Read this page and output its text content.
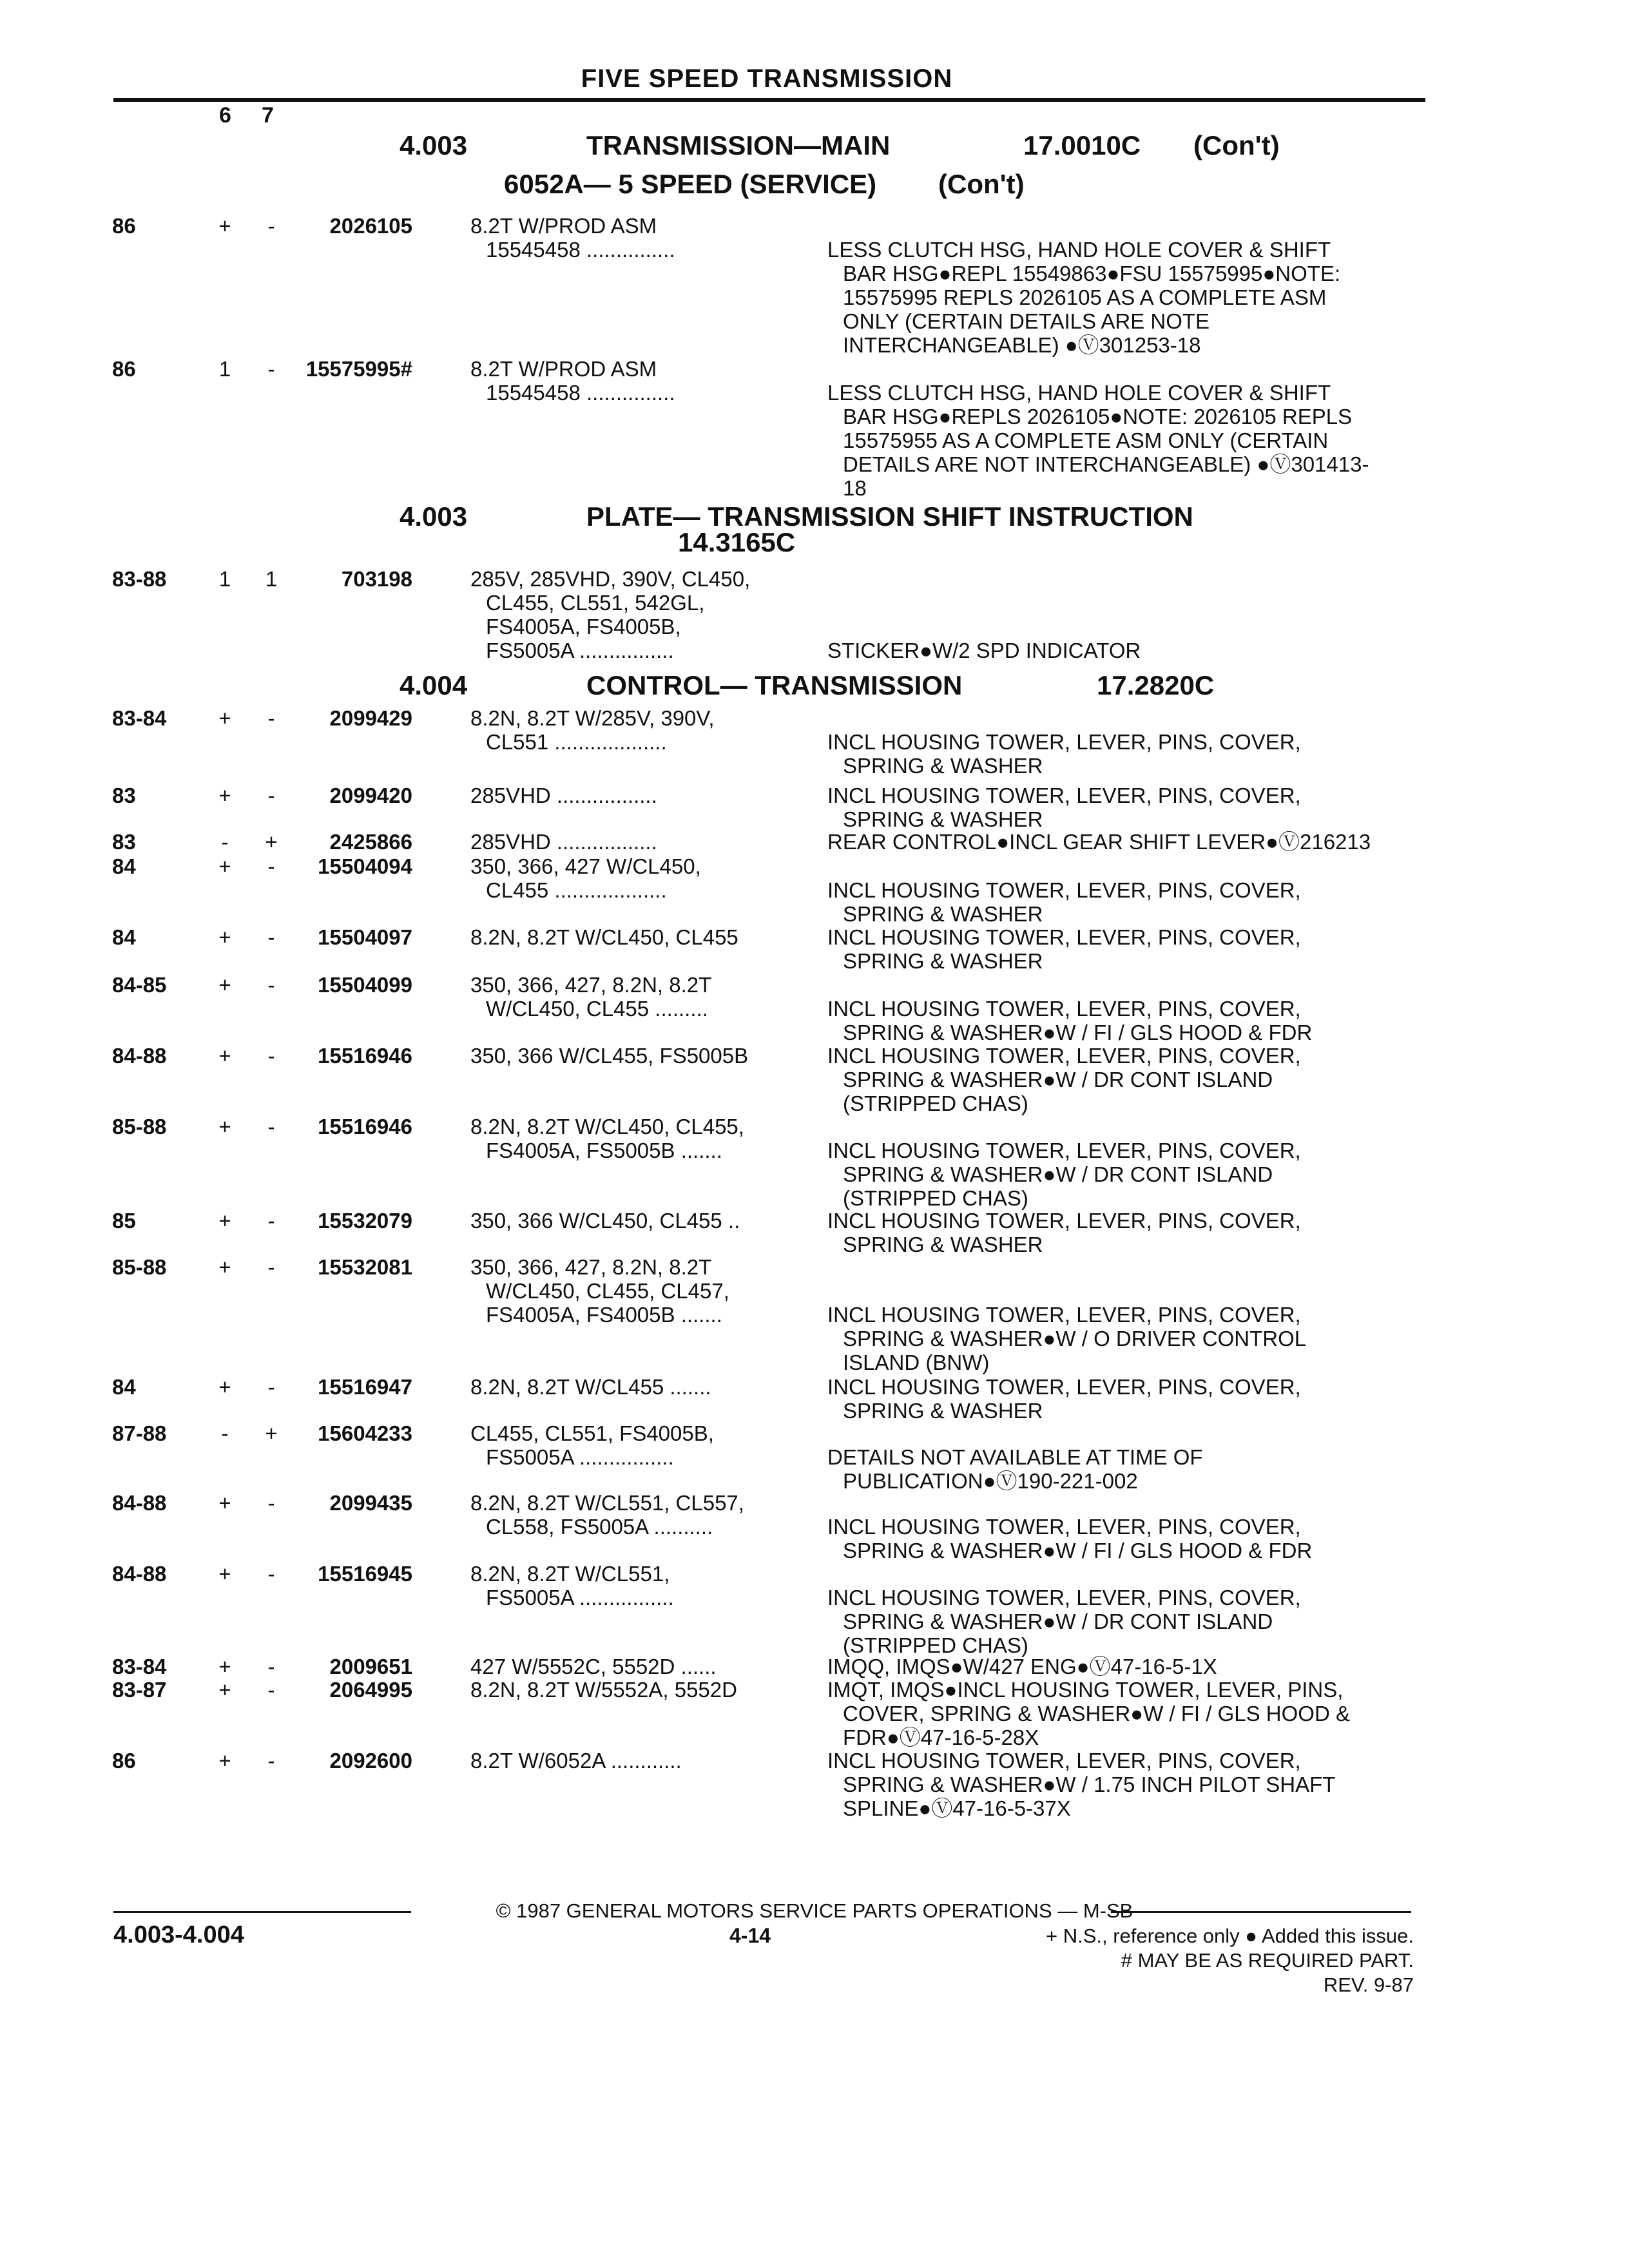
FIVE SPEED TRANSMISSION
6 7
4.003	TRANSMISSION—MAIN	17.0010C (Con't)
6052A— 5 SPEED (SERVICE) (Con't)
4.003	PLATE— TRANSMISSION SHIFT INSTRUCTION
14.3165C
4.004	CONTROL— TRANSMISSION	17.2820C
86	+ -	2026105	8.2T W/PROD ASM
15545458 ...............	LESS CLUTCH HSG, HAND HOLE COVER & SHIFT
BAR HSG●REPL 15549863●FSU 15575995●NOTE:
15575995 REPLS 2026105 AS A COMPLETE ASM
ONLY (CERTAIN DETAILS ARE NOTE
INTERCHANGEABLE) ●Ⓥ301253-18
86	1 -	15575995#	8.2T W/PROD ASM
15545458 ...............	LESS CLUTCH HSG, HAND HOLE COVER & SHIFT
BAR HSG●REPLS 2026105●NOTE: 2026105 REPLS
15575955 AS A COMPLETE ASM ONLY (CERTAIN
DETAILS ARE NOT INTERCHANGEABLE) ●Ⓥ301413-
18
83-88 1 1	703198	285V, 285VHD, 390V, CL450,
CL455, CL551, 542GL,
FS4005A, FS4005B,
FS5005A ................	STICKER●W/2 SPD INDICATOR
83-84 + -	2099429	8.2N, 8.2T W/285V, 390V,
CL551 ...................	INCL HOUSING TOWER, LEVER, PINS, COVER,
SPRING & WASHER
83	+ -	2099420	285VHD .................	INCL HOUSING TOWER, LEVER, PINS, COVER,
SPRING & WASHER
83	- +	2425866	285VHD .................	REAR CONTROL●INCL GEAR SHIFT LEVER●Ⓥ216213
84	+ -	15504094	350, 366, 427 W/CL450,
CL455 ...................	INCL HOUSING TOWER, LEVER, PINS, COVER,
SPRING & WASHER
84	+ -	15504097	8.2N, 8.2T W/CL450, CL455	INCL HOUSING TOWER, LEVER, PINS, COVER,
SPRING & WASHER
84-85 + -	15504099	350, 366, 427, 8.2N, 8.2T
W/CL450, CL455 .........	INCL HOUSING TOWER, LEVER, PINS, COVER,
SPRING & WASHER●W / FI / GLS HOOD & FDR
84-88 + -	15516946	350, 366 W/CL455, FS5005B	INCL HOUSING TOWER, LEVER, PINS, COVER,
SPRING & WASHER●W / DR CONT ISLAND
(STRIPPED CHAS)
85-88 + -	15516946	8.2N, 8.2T W/CL450, CL455,
FS4005A, FS5005B .......	INCL HOUSING TOWER, LEVER, PINS, COVER,
SPRING & WASHER●W / DR CONT ISLAND
(STRIPPED CHAS)
85	+ -	15532079	350, 366 W/CL450, CL455 ..	INCL HOUSING TOWER, LEVER, PINS, COVER,
SPRING & WASHER
85-88 + -	15532081	350, 366, 427, 8.2N, 8.2T
W/CL450, CL455, CL457,
FS4005A, FS4005B .......	INCL HOUSING TOWER, LEVER, PINS, COVER,
SPRING & WASHER●W / O DRIVER CONTROL
ISLAND (BNW)
84	+ -	15516947	8.2N, 8.2T W/CL455 .......	INCL HOUSING TOWER, LEVER, PINS, COVER,
SPRING & WASHER
87-88	- +	15604233	CL455, CL551, FS4005B,
FS5005A ................	DETAILS NOT AVAILABLE AT TIME OF
PUBLICATION●Ⓥ190-221-002
84-88 + -	2099435	8.2N, 8.2T W/CL551, CL557,
CL558, FS5005A ..........	INCL HOUSING TOWER, LEVER, PINS, COVER,
SPRING & WASHER●W / FI / GLS HOOD & FDR
84-88 + -	15516945	8.2N, 8.2T W/CL551,
FS5005A ................	INCL HOUSING TOWER, LEVER, PINS, COVER,
SPRING & WASHER●W / DR CONT ISLAND
(STRIPPED CHAS)
83-84 + -	2009651	427 W/5552C, 5552D ......	IMQQ, IMQS●W/427 ENG●Ⓥ47-16-5-1X
83-87 + -	2064995	8.2N, 8.2T W/5552A, 5552D	IMQT, IMQS●INCL HOUSING TOWER, LEVER, PINS,
COVER, SPRING & WASHER●W / FI / GLS HOOD &
FDR●Ⓥ47-16-5-28X
86	+ -	2092600	8.2T W/6052A ............	INCL HOUSING TOWER, LEVER, PINS, COVER,
SPRING & WASHER●W / 1.75 INCH PILOT SHAFT
SPLINE●Ⓥ47-16-5-37X
© 1987 GENERAL MOTORS SERVICE PARTS OPERATIONS — M-SB
4.003-4.004	4-14	+ N.S., reference only ● Added this issue.
# MAY BE AS REQUIRED PART.
REV. 9-87
